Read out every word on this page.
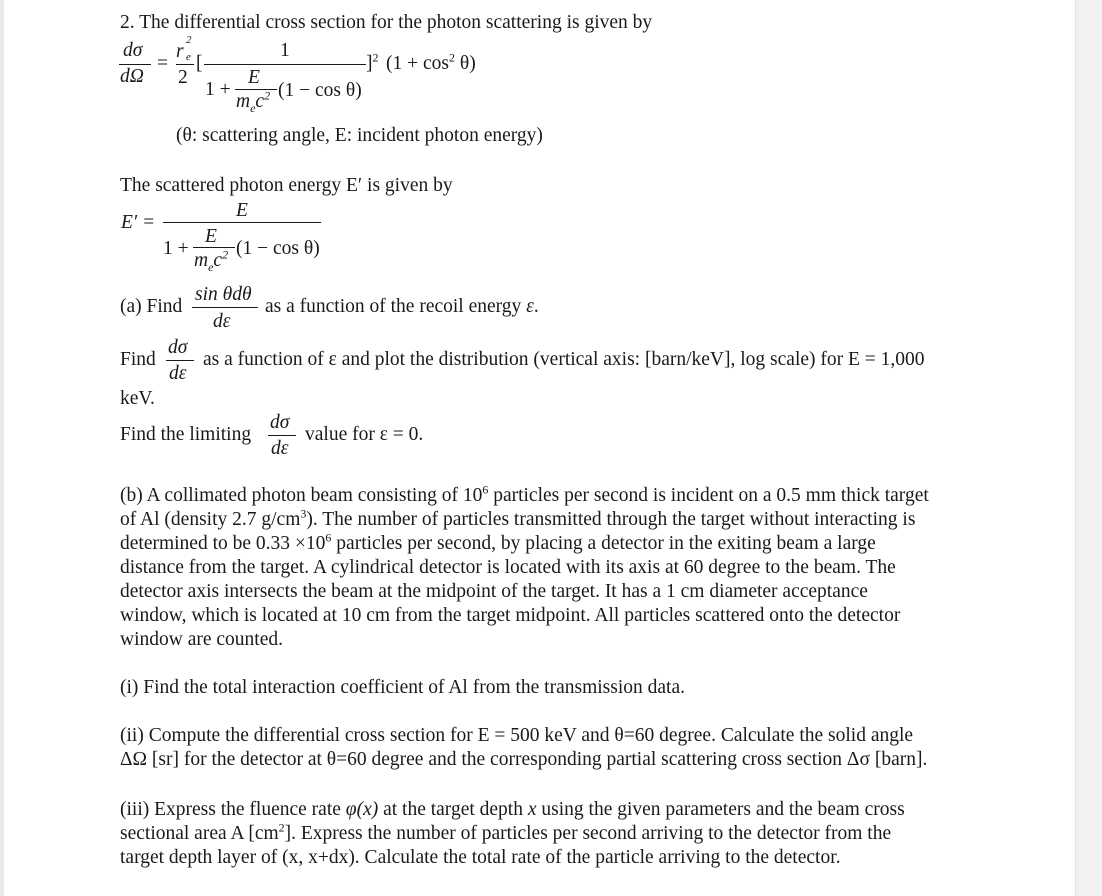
2. The differential cross section for the photon scattering is given by
dσ
dΩ
=
r
2
e
2
[
1
1 +
E
$m_ec^2$ (1 − cos θ)
]$^2$ $(1 + \cos^2 \theta)$
(θ: scattering angle, E: incident photon energy)
The scattered photon energy E′ is given by
E′ =
E
1 +
E
$m_ec^2$ (1 − cos θ)
(a) Find
sin θdθ
dε
as a function of the recoil energy ε.
Find
dσ
dε
as a function of ε and plot the distribution (vertical axis: [barn/keV], log scale) for E = 1,000
keV.
Find the limiting
dσ
dε
value for ε = 0.
(b) A collimated photon beam consisting of $10^6$ particles per second is incident on a 0.5 mm thick target
of Al (density 2.7 $g/cm^3$). The number of particles transmitted through the target without interacting is
determined to be $0.33 \times 10^6$ particles per second, by placing a detector in the exiting beam a large
distance from the target. A cylindrical detector is located with its axis at 60 degree to the beam. The
detector axis intersects the beam at the midpoint of the target. It has a 1 cm diameter acceptance
window, which is located at 10 cm from the target midpoint. All particles scattered onto the detector
window are counted.
(i) Find the total interaction coefficient of Al from the transmission data.
(ii) Compute the differential cross section for E = 500 keV and θ=60 degree. Calculate the solid angle
ΔΩ [sr] for the detector at θ=60 degree and the corresponding partial scattering cross section Δσ [barn].
(iii) Express the fluence rate φ(x) at the target depth x using the given parameters and the beam cross
sectional area A $[cm^2]$. Express the number of particles per second arriving to the detector from the
target depth layer of (x, x+dx). Calculate the total rate of the particle arriving to the detector.
